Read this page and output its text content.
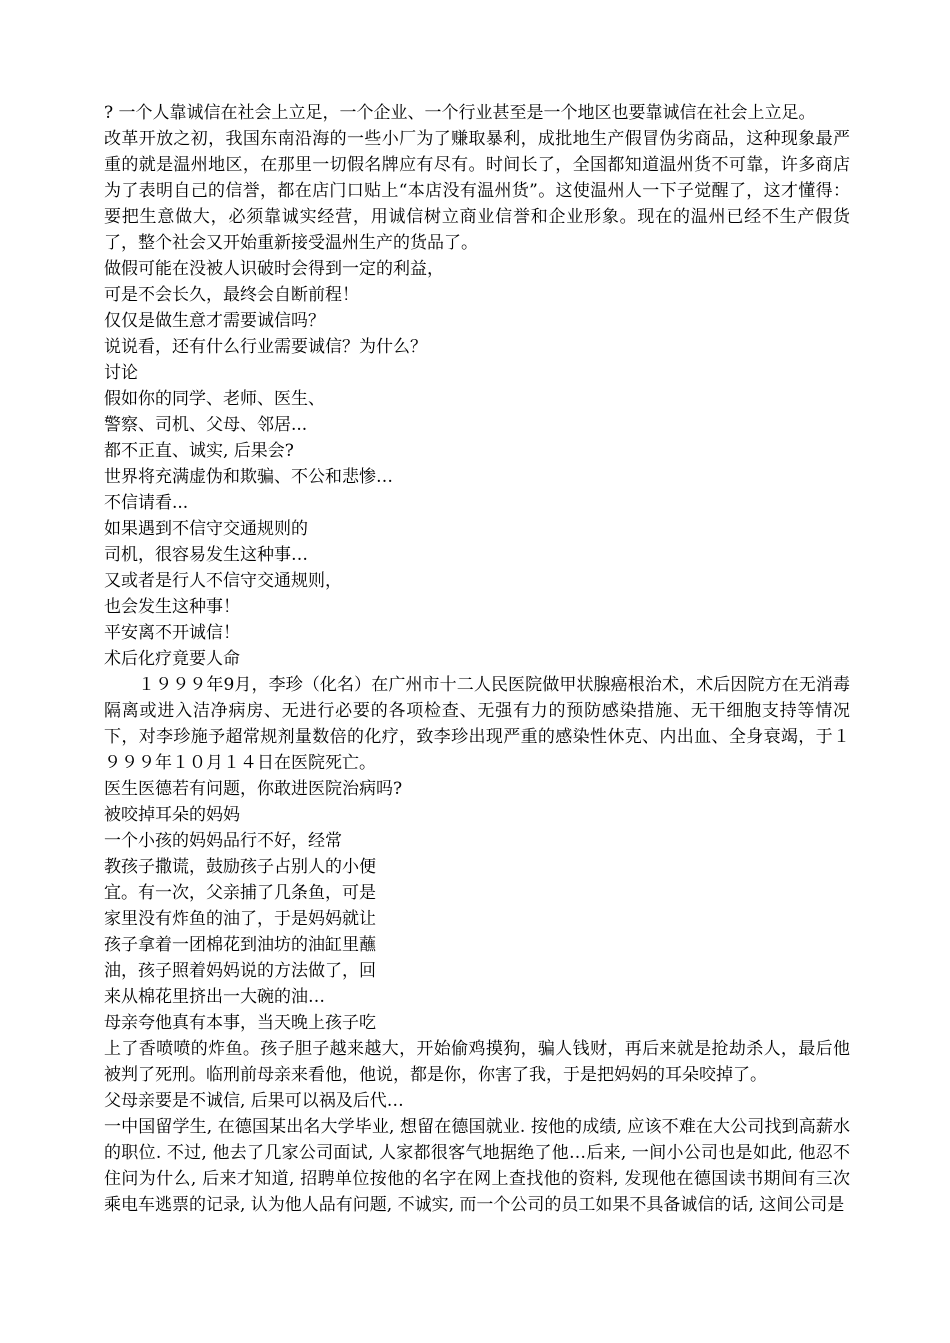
? 一个人靠诚信在社会上立足，一个企业、一个行业甚至是一个地区也要靠诚信在社会上立足。
改革开放之初，我国东南沿海的一些小厂为了赚取暴利，成批地生产假冒伪劣商品，这种现象最严重的就是温州地区，在那里一切假名牌应有尽有。时间长了，全国都知道温州货不可靠，许多商店为了表明自己的信誉，都在店门口贴上“本店没有温州货”。这使温州人一下子觉醒了，这才懂得：要把生意做大，必须靠诚实经营，用诚信树立商业信誉和企业形象。现在的温州已经不生产假货了，整个社会又开始重新接受温州生产的货品了。
做假可能在没被人识破时会得到一定的利益，
可是不会长久，最终会自断前程！
仅仅是做生意才需要诚信吗？
说说看，还有什么行业需要诚信？为什么？
讨论
假如你的同学、老师、医生、
警察、司机、父母、邻居...
都不正直、诚实, 后果会?
世界将充满虚伪和欺骗、不公和悲惨…
不信请看...
如果遇到不信守交通规则的
司机，很容易发生这种事…
又或者是行人不信守交通规则，
也会发生这种事！
平安离不开诚信！
术后化疗竟要人命
１９９９年9月，李珍（化名）在广州市十二人民医院做甲状腺癌根治术，术后因院方在无消毒隔离或进入洁净病房、无进行必要的各项检查、无强有力的预防感染措施、无干细胞支持等情况下，对李珍施予超常规剂量数倍的化疗，致李珍出现严重的感染性休克、内出血、全身衰竭，于１９９９年１０月１４日在医院死亡。
医生医德若有问题，你敢进医院治病吗?
被咬掉耳朵的妈妈
一个小孩的妈妈品行不好，经常
教孩子撒谎，鼓励孩子占别人的小便
宜。有一次，父亲捕了几条鱼，可是
家里没有炸鱼的油了，于是妈妈就让
孩子拿着一团棉花到油坊的油缸里蘸
油，孩子照着妈妈说的方法做了，回
来从棉花里挤出一大碗的油…
母亲夸他真有本事，当天晚上孩子吃
上了香喷喷的炸鱼。孩子胆子越来越大，开始偷鸡摸狗，骗人钱财，再后来就是抢劫杀人，最后他被判了死刑。临刑前母亲来看他，他说，都是你，你害了我，于是把妈妈的耳朵咬掉了。
父母亲要是不诚信, 后果可以祸及后代…
一中国留学生, 在德国某出名大学毕业, 想留在德国就业. 按他的成绩, 应该不难在大公司找到高薪水的职位. 不过, 他去了几家公司面试, 人家都很客气地据绝了他…后来, 一间小公司也是如此, 他忍不住问为什么, 后来才知道, 招聘单位按他的名字在网上查找他的资料, 发现他在德国读书期间有三次乘电车逃票的记录, 认为他人品有问题, 不诚实, 而一个公司的员工如果不具备诚信的话, 这间公司是
